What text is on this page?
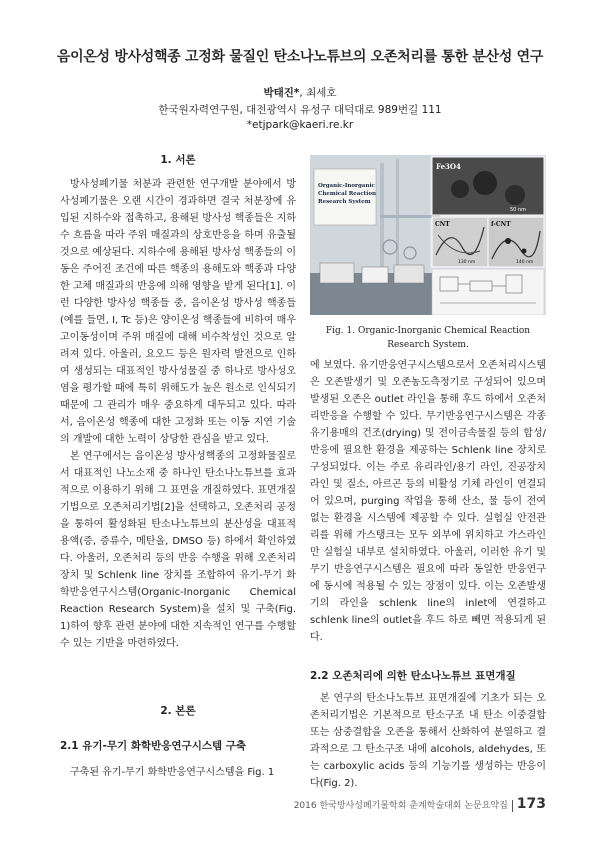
음이온성 방사성핵종 고정화 물질인 탄소나노튜브의 오존처리를 통한 분산성 연구
박태진*, 최세호
한국원자력연구원, 대전광역시 유성구 대덕대로 989번길 111
*etjpark@kaeri.re.kr
1. 서론

방사성폐기물 처분과 관련한 연구개발 분야에서 방사성폐기물은 오랜 시간이 경과하면 결국 처분장에 유입된 지하수와 접촉하고, 용해된 방사성 핵종들은 지하수 흐름을 따라 주위 매질과의 상호반응을 하며 유출될 것으로 예상된다. 지하수에 용해된 방사성 핵종들의 이동은 주어진 조건에 따른 핵종의 용해도와 핵종과 다양한 고체 매질과의 반응에 의해 영향을 받게 된다[1]. 이런 다양한 방사성 핵종들 중, 음이온성 방사성 핵종들(예를 들면, I, Tc 등)은 양이온성 핵종들에 비하여 매우 고이동성이며 주위 매질에 대해 비수착성인 것으로 알려져 있다. 아울러, 요오드 등은 원자력 발전으로 인하여 생성되는 대표적인 방사성물질 중 하나로 방사성오염을 평가할 때에 특히 위해도가 높은 원소로 인식되기 때문에 그 관리가 매우 중요하게 대두되고 있다. 따라서, 음이온성 핵종에 대한 고정화 또는 이동 지연 기술의 개발에 대한 노력이 상당한 관심을 받고 있다.

본 연구에서는 음이온성 방사성핵종의 고정화물질로서 대표적인 나노소재 중 하나인 탄소나노튜브를 효과적으로 이용하기 위해 그 표면을 개질하였다. 표면개질기법으로 오존처리기법[2]을 선택하고, 오존처리 공정을 통하여 활성화된 탄소나노튜브의 분산성을 대표적 용액(증, 증류수, 메탄올, DMSO 등) 하에서 확인하였다. 아울러, 오존처리 등의 반응 수행을 위해 오존처리 장치 및 Schlenk line 장치를 조합하여 유기-무기 화학반응연구시스템(Organic-Inorganic Chemical Reaction Research System)을 설치 및 구축(Fig. 1)하여 향후 관련 분야에 대한 지속적인 연구를 수행할 수 있는 기반을 마련하였다.

2. 본론
2.1 유기-무기 화학반응연구시스템 구축

구축된 유기-무기 화학반응연구시스템을 Fig. 1

Organic-Inorganic
Chemical Reaction
Research System
Fe3O4
50 nm
CNT
130 nm
f-CNT
140 nm
Fig. 1. Organic-Inorganic Chemical Reaction Research System.

에 보였다. 유기반응연구시스템으로서 오존처리시스템은 오존발생기 및 오존농도측정기로 구성되어 있으며 발생된 오존은 outlet 라인을 통해 후드 하에서 오존처리반응을 수행할 수 있다. 무기반응연구시스템은 각종 유기용매의 건조(drying) 및 전이금속물질 등의 합성/반응에 필요한 환경을 제공하는 Schlenk line 장치로 구성되었다. 이는 주로 유리라인/용기 라인, 진공장치 라인 및 질소, 아르곤 등의 비활성 기체 라인이 연결되어 있으며, purging 작업을 통해 산소, 물 등이 전여 없는 환경을 시스템에 제공할 수 있다. 실험실 안전관리를 위해 가스탱크는 모두 외부에 위치하고 가스라인만 실험실 내부로 설치하였다. 아울러, 이러한 유기 및 무기 반응연구시스템은 필요에 따라 동일한 반응연구에 동시에 적용될 수 있는 장점이 있다. 이는 오존발생기의 라인을 schlenk line의 inlet에 연결하고 schlenk line의 outlet을 후드 하로 빼면 적용되게 된다.

2.2 오존처리에 의한 탄소나노튜브 표면개질

본 연구의 탄소나노튜브 표면개질에 기초가 되는 오존처리기법은 기본적으로 탄소구조 내 탄소 이중결합 또는 삼중결합을 오존을 통해서 산화하여 분열하고 결과적으로 그 탄소구조 내에 alcohols, aldehydes, 또는 carboxylic acids 등의 기능기를 생성하는 반응이다(Fig. 2).

2016 한국방사성폐기물학회 춘계학술대회 논문요약집 173
